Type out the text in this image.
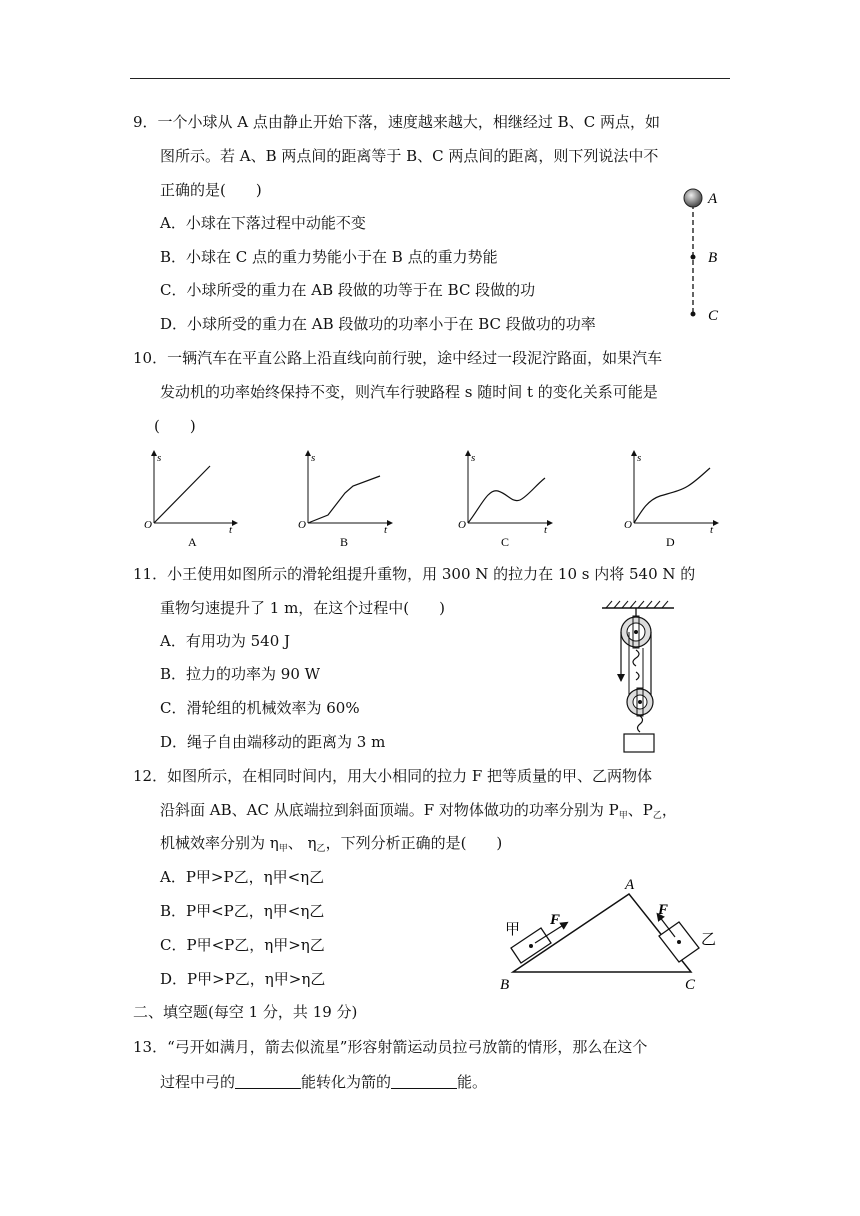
9．一个小球从 A 点由静止开始下落，速度越来越大，相继经过 B、C 两点，如
图所示。若 A、B 两点间的距离等于 B、C 两点间的距离，则下列说法中不
正确的是(　　)
A．小球在下落过程中动能不变
B．小球在 C 点的重力势能小于在 B 点的重力势能
C．小球所受的重力在 AB 段做的功等于在 BC 段做的功
D．小球所受的重力在 AB 段做功的功率小于在 BC 段做功的功率
A
B
C
10．一辆汽车在平直公路上沿直线向前行驶，途中经过一段泥泞路面，如果汽车
发动机的功率始终保持不变，则汽车行驶路程 s 随时间 t 的变化关系可能是
(　　)
s
t
O
A
s
t
O
B
s
t
O
C
s
t
O
D
11．小王使用如图所示的滑轮组提升重物，用 300 N 的拉力在 10 s 内将 540 N 的
重物匀速提升了 1 m，在这个过程中(　　)
A．有用功为 540 J
B．拉力的功率为 90 W
C．滑轮组的机械效率为 60%
D．绳子自由端移动的距离为 3 m
12．如图所示，在相同时间内，用大小相同的拉力 F 把等质量的甲、乙两物体
沿斜面 AB、AC 从底端拉到斜面顶端。F 对物体做功的功率分别为 $P_甲$、$P_乙$，
机械效率分别为 $\eta_甲$、 $\eta_乙$，下列分析正确的是(　　)
A．P甲>P乙，η甲<η乙
B．P甲<P乙，η甲<η乙
C．P甲<P乙，η甲>η乙
D．P甲>P乙，η甲>η乙
A
B	C
F
F
甲
乙
二、填空题(每空 1 分，共 19 分)
13．“弓开如满月，箭去似流星”形容射箭运动员拉弓放箭的情形，那么在这个
过程中弓的	能转化为箭的	能。
